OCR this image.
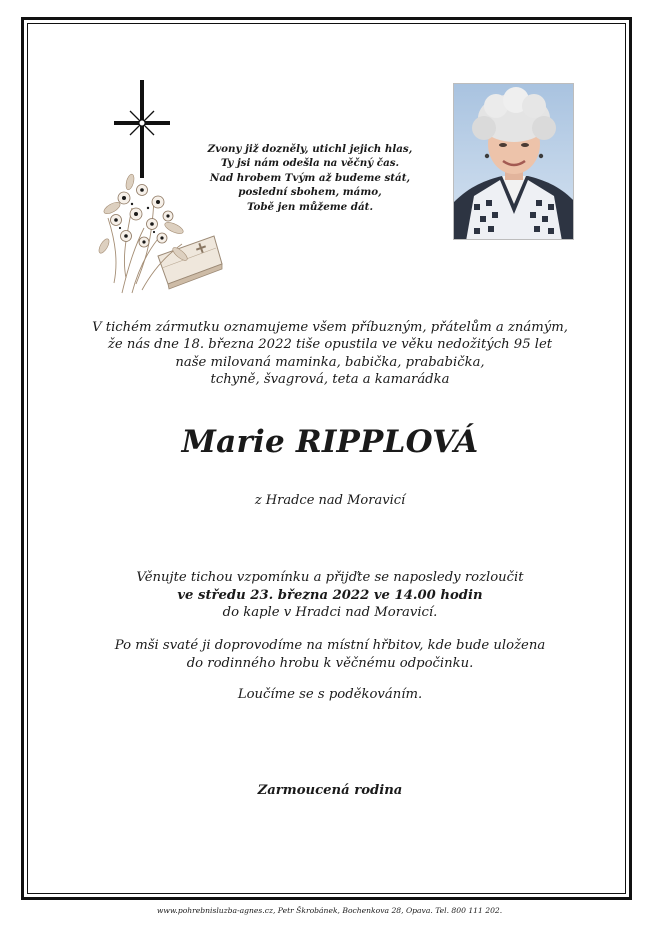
Zvony již dozněly, utichl jejich hlas,
Ty jsi nám odešla na věčný čas.
Nad hrobem Tvým až budeme stát,
poslední sbohem, mámo,
Tobě jen můžeme dát.
V tichém zármutku oznamujeme všem příbuzným, přátelům a známým,
že nás dne 18. března 2022 tiše opustila ve věku nedožitých 95 let
naše milovaná maminka, babička, prababička,
tchyně, švagrová, teta a kamarádka
Marie RIPPLOVÁ
z Hradce nad Moravicí
Věnujte tichou vzpomínku a přijďte se naposledy rozloučit
ve středu 23. března 2022 ve 14.00 hodin
do kaple v Hradci nad Moravicí.
Po mši svaté ji doprovodíme na místní hřbitov, kde bude uložena
do rodinného hrobu k věčnému odpočinku.
Loučíme se s poděkováním.
Zarmoucená rodina
www.pohrebnisluzba-agnes.cz, Petr Škrobánek, Bochenkova 28, Opava. Tel. 800 111 202.
